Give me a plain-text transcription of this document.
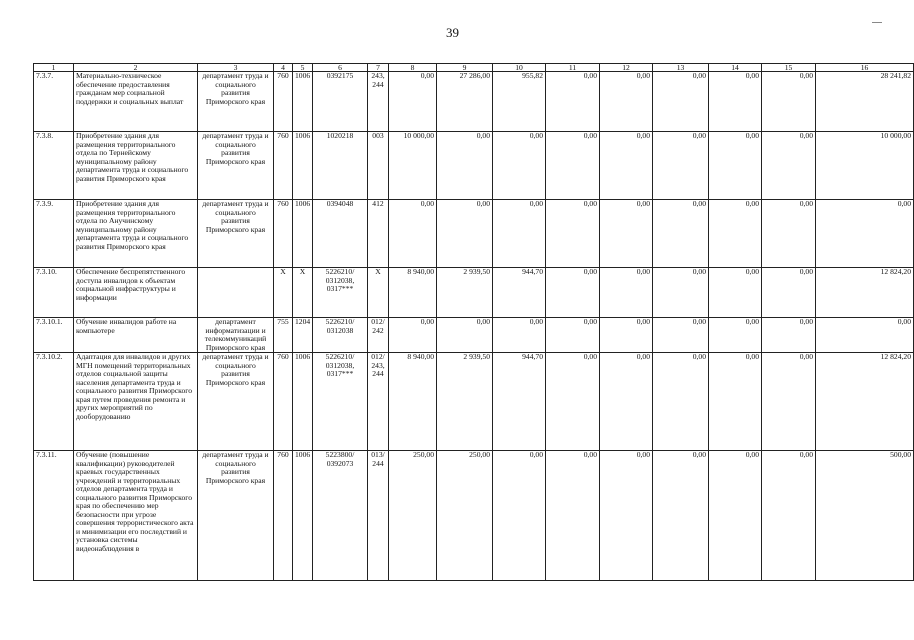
39
1	2	3	4	5	6	7	8	9	10	11	12	13	14	15	16
7.3.7.	Материально-техническое обеспечение предоставления гражданам мер социальной поддержки и социальных выплат	департамент труда и социального развития Приморского края	760	1006	0392175	243, 244	0,00	27 286,00	955,82	0,00	0,00	0,00	0,00	0,00	28 241,82
7.3.8.	Приобретение здания для размещения территориального отдела по Тернейскому муниципальному району департамента труда и социального развития Приморского края	департамент труда и социального развития Приморского края	760	1006	1020218	003	10 000,00	0,00	0,00	0,00	0,00	0,00	0,00	0,00	10 000,00
7.3.9.	Приобретение здания для размещения территориального отдела по Анучинскому муниципальному району департамента труда и социального развития Приморского края	департамент труда и социального развития Приморского края	760	1006	0394048	412	0,00	0,00	0,00	0,00	0,00	0,00	0,00	0,00	0,00
7.3.10.	Обеспечение беспрепятственного доступа инвалидов к объектам социальной инфраструктуры и информации		Х	Х	5226210/ 0312038, 0317***	Х	8 940,00	2 939,50	944,70	0,00	0,00	0,00	0,00	0,00	12 824,20
7.3.10.1.	Обучение инвалидов работе на компьютере	департамент информатизации и телекоммуникаций Приморского края	755	1204	5226210/ 0312038	012/ 242	0,00	0,00	0,00	0,00	0,00	0,00	0,00	0,00	0,00
7.3.10.2.	Адаптация для инвалидов и других МГН помещений территориальных отделов социальной защиты населения департамента труда и социального развития Приморского края путем проведения ремонта и других мероприятий по дооборудованию	департамент труда и социального развития Приморского края	760	1006	5226210/ 0312038, 0317***	012/ 243, 244	8 940,00	2 939,50	944,70	0,00	0,00	0,00	0,00	0,00	12 824,20
7.3.11.	Обучение (повышение квалификации) руководителей краевых государственных учреждений и территориальных отделов департамента труда и социального развития Приморского края по обеспечению мер безопасности при угрозе совершения террористического акта и минимизации его последствий и установка системы видеонаблюдения в	департамент труда и социального развития Приморского края	760	1006	5223800/ 0392073	013/ 244	250,00	250,00	0,00	0,00	0,00	0,00	0,00	0,00	500,00
